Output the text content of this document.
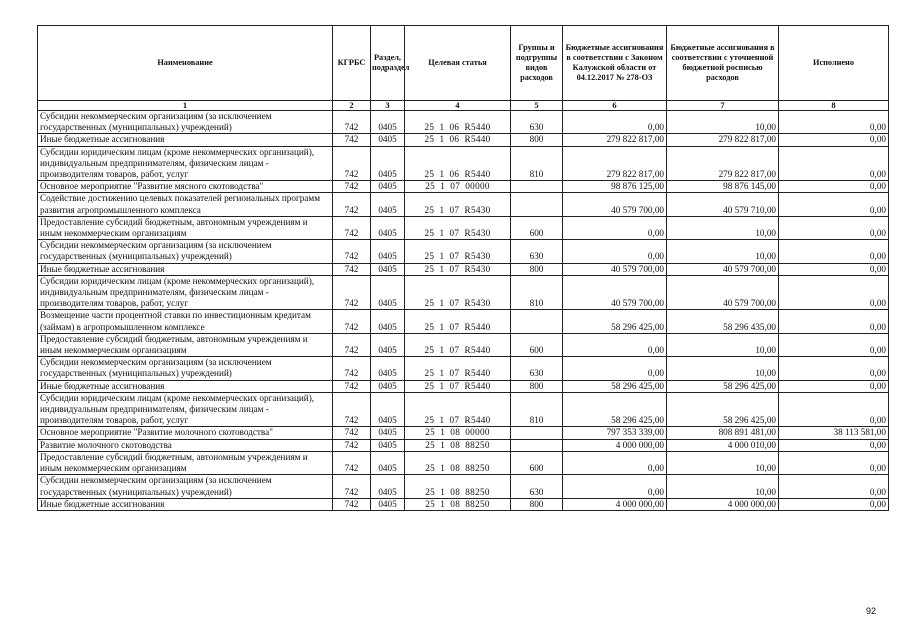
Наименование	КГРБС	Раздел, подраздел	Целевая статья	Группы и подгруппы видов расходов	Бюджетные ассигнования в соответствии с Законом Калужской области от 04.12.2017 № 278-ОЗ	Бюджетные ассигнования в соответствии с уточненной бюджетной росписью расходов	Исполнено
1	2	3	4	5	6	7	8
Субсидии некоммерческим организациям (за исключением государственных (муниципальных) учреждений)	742	0405	25  1  06  R5440	630	0,00	10,00	0,00
Иные бюджетные ассигнования	742	0405	25  1  06  R5440	800	279 822 817,00	279 822 817,00	0,00
Субсидии юридическим лицам (кроме некоммерческих организаций), индивидуальным предпринимателям, физическим лицам - производителям товаров, работ, услуг	742	0405	25  1  06  R5440	810	279 822 817,00	279 822 817,00	0,00
Основное мероприятие "Развитие мясного скотоводства"	742	0405	25  1  07  00000		98 876 125,00	98 876 145,00	0,00
Содействие достижению целевых показателей региональных программ развития агропромышленного комплекса	742	0405	25  1  07  R5430		40 579 700,00	40 579 710,00	0,00
Предоставление субсидий бюджетным, автономным учреждениям и иным некоммерческим организациям	742	0405	25  1  07  R5430	600	0,00	10,00	0,00
Субсидии некоммерческим организациям (за исключением государственных (муниципальных) учреждений)	742	0405	25  1  07  R5430	630	0,00	10,00	0,00
Иные бюджетные ассигнования	742	0405	25  1  07  R5430	800	40 579 700,00	40 579 700,00	0,00
Субсидии юридическим лицам (кроме некоммерческих организаций), индивидуальным предпринимателям, физическим лицам - производителям товаров, работ, услуг	742	0405	25  1  07  R5430	810	40 579 700,00	40 579 700,00	0,00
Возмещение части процентной ставки по инвестиционным кредитам (займам) в агропромышленном комплексе	742	0405	25  1  07  R5440		58 296 425,00	58 296 435,00	0,00
Предоставление субсидий бюджетным, автономным учреждениям и иным некоммерческим организациям	742	0405	25  1  07  R5440	600	0,00	10,00	0,00
Субсидии некоммерческим организациям (за исключением государственных (муниципальных) учреждений)	742	0405	25  1  07  R5440	630	0,00	10,00	0,00
Иные бюджетные ассигнования	742	0405	25  1  07  R5440	800	58 296 425,00	58 296 425,00	0,00
Субсидии юридическим лицам (кроме некоммерческих организаций), индивидуальным предпринимателям, физическим лицам - производителям товаров, работ, услуг	742	0405	25  1  07  R5440	810	58 296 425,00	58 296 425,00	0,00
Основное мероприятие "Развитие молочного скотоводства"	742	0405	25  1  08  00000		797 353 339,00	808 891 481,00	38 113 581,00
Развитие молочного скотоводства	742	0405	25  1  08  88250		4 000 000,00	4 000 010,00	0,00
Предоставление субсидий бюджетным, автономным учреждениям и иным некоммерческим организациям	742	0405	25  1  08  88250	600	0,00	10,00	0,00
Субсидии некоммерческим организациям (за исключением государственных (муниципальных) учреждений)	742	0405	25  1  08  88250	630	0,00	10,00	0,00
Иные бюджетные ассигнования	742	0405	25  1  08  88250	800	4 000 000,00	4 000 000,00	0,00
92
